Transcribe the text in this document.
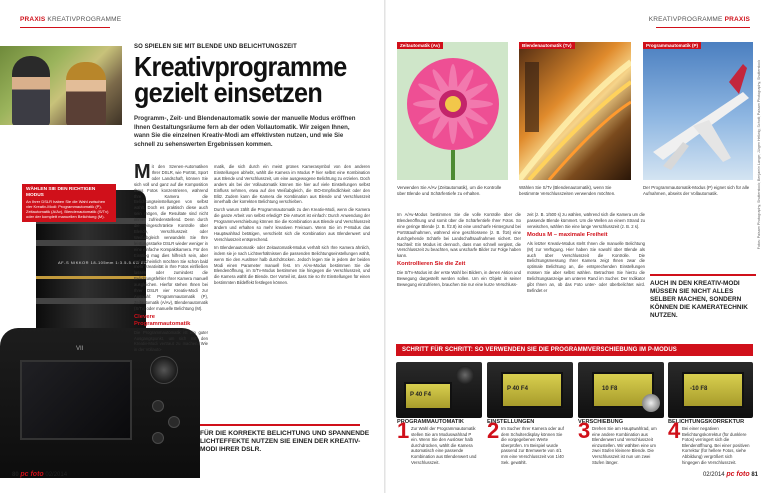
PRAXIS KREATIVPROGRAMME	KREATIVPROGRAMME PRAXIS
AF-S NIKKOR 18-105mm 1:3.5-5.6G ED
VII
WÄHLEN SIE DEN RICHTIGEN MODUS
An Ihrer DSLR haben Sie die Wahl zwischen vier Kreativ-Modi: Programmautomatik (P), Zeitautomatik (A/Av), Blendenautomatik (S/Tv) oder der komplett manuellen Belichtung (M).
SO SPIELEN SIE MIT BLENDE UND BELICHTUNGSZEIT
Kreativprogramme
gezielt einsetzen
Programm-, Zeit- und Blendenautomatik sowie der manuelle Modus eröffnen Ihnen Gestaltungsräume fern ab der oden Vollautomatik. Wir zeigen Ihnen, wann Sie die einzelnen Kreativ-Modi am effektivsten nutzen, und wie Sie schnell zu sehenswerten Ergebnissen kommen.

Mit den Szenen-Automatiken Ihrer DSLR, wie Porträt, Sport oder Landschaft, können Sie sich voll und ganz auf die Komposition Ihres Fotos konzentrieren, während Ihre Kamera die Belichtungseinstellungen von selbst wählt. Doch es praktisch diese auch sein mögen, die Resultate sind nicht immer zufriedenstellend. Denn durch die eingeschränkte Kontrolle über Blende, Verschlusszeit oder Weißabgleich verwandeln Sie Ihre leistungsstarke DSLR wieder weniger in eine einfache Kompaktkamera. Für den Einstieg mag dies hilfreich sein, aber wahrscheinlich möchten Sie schon bald mehr Kreativität in Ihre Fotos einfließen lassen oder zumindest die Belichtungsfehler Ihrer Kamera manuell ausgleichen. Hierfür stehen Ihnen bei Ihrer DSLR vier Kreativ-Modi zur Auswahl: Programmautomatik (P), Zeitautomatik (A/Av), Blendenautomatik (S/Tv) oder manuelle Belichtung (M).

Clevere Programmautomatik

Die Programmautomatik ist ein guter Ausgangspunkt, um sich mit den Kreativ-Modi vertraut zu machen. Wie in der Vollauto-

matik, die sich durch ein meist grünes Kamerasymbol von den anderen Einstellungen abhebt, wählt die Kamera im Modus P hier selbst eine Kombination aus Blende und Verschlusszeit, um eine ausgewogene Belichtung zu erzielen. Doch anders als bei der Vollautomatik können Sie hier auf viele Einstellungen selbst Einfluss nehmen, etwa auf den Weißabgleich, die ISO-Empfindlichkeit oder den Blitz. Zudem kann die Kamera die Kombination aus Blende und Verschlusszeit innerhalb der korrekten Belichtung verschieben.

Durch warum zählt die Programmautomatik zu den Kreativ-Modi, wenn die Kamera die ganze Arbeit von selbst erledigt? Die Antwort ist einfach: Durch Anwendung der Programmverschiebung können Sie die Kombination aus Blende und Verschlusszeit ändern und erhalten so mehr kreativen Freiraum. Wenn Sie im P-Modus das Hauptwahlrad betätigen, verschiebt sich die Kombination aus Blendenwert und Verschlusszeit entsprechend.

Im Blendenautomatik- oder Zeitautomatik-Modus verhält sich Ihre Kamera ähnlich, indem sie je nach Lichtverhältnissen die passenden Belichtungseinstellungen wählt, wenn Sie den Auslöser halb durchdrücken. Jedoch legen Sie in jedem der beiden Modi einen Parameter manuell fest. Im A/Av-Modus bestimmen Sie die Blendenöffnung, im S/Tv-Modus bestimmen Sie hingegen die Verschlusszeit, und die Kamera wählt die Blende. Der Vorteil ist, dass Sie so Ihr Einstellungen für einen bestimmten Bildeffekt festlegen können.

FÜR DIE KORREKTE BELICHTUNG UND SPANNENDE LICHTEFFEKTE NUTZEN SIE EINEN DER KREATIV-MODI IHRER DSLR.
80 pc foto 02/2014
Zeitautomatik (Av)	Blendenautomatik (Tv)	Programmautomatik (P)
Fotos: Paisarn Photography, Shutterstock; Benjamin Lange; Jürgen Hellwig; Schott; Paisarn Photography, Shutterstock
Verwenden Sie A/Av (Zeitautomatik), um die Kontrolle über Blende und Schärfentiefe zu erhalten.
Wählen Sie S/Tv (Blendenautomatik), wenn Sie bestimmte Verschlusszeiten verwenden möchten.
Der Programmautomatik-Modus (P) eignet sich für alle Aufnahmen, abseits der Vollautomatik.

Im A/Av-Modus bestimmen Sie die volle Kontrolle über die Blendenöffnung und somit über die Schärfentiefe Ihrer Fotos. So eine geringe Blende (z. B. f/2.8) ist eine unscharfe Hintergrund bei Porträtaufnahmen, während eine geschlossene (z. B. f/16) eine durchgehende Schärfe bei Landschaftsaufnahmen sichert. Der Nachteil: Ein Modus ist dennoch, dass man schnell vergisst, die Verschlusszeit zu beachten, was unscharfe Bilder zur Folge haben kann.

Kontrollieren Sie die Zeit

Die S/Tv-Modus ist der erste Wahl bei Bildern, in denen Aktion und Bewegung dargestellt werden sollen. Um ein Objekt in seiner Bewegung einzufrieren, brauchen Sie nur eine kurze Verschluss-

zeit (z. B. 1/500 s) zu wählen, während sich die Kamera um die passende Blende kümmert. Um die Wellen an einem Strand zu verwischen, wählen Sie eine lange Verschlusszeit (z. B. 2 s).

Modus M – maximale Freiheit

Als letzter Kreativ-Modus steht Ihnen die manuelle Belichtung (M) zur Verfügung. Hier haben Sie sowohl über Blende als auch über Verschlusszeit die Kontrolle. Die Belichtungsmessung Ihrer Kamera zeigt Ihnen zwar die optimale Belichtung an, die entsprechenden Einstellungen müssen Sie aber selbst wählen. Betrachten Sie hierzu die Belichtungsanzeige am unteren Rand im Sucher. Der Indikator gibt Ihnen an, ob das Foto unter- oder überbelichtet wird. Befindet er

AUCH IN DEN KREATIV-MODI MÜSSEN SIE NICHT ALLES SELBER MACHEN, SONDERN KÖNNEN DIE KAMERATECHNIK NUTZEN.
SCHRITT FÜR SCHRITT: SO VERWENDEN SIE DIE PROGRAMMVERSCHIEBUNG IM P-MODUS
P 40 F4
P 40 F4	10 F8	-10 F8
1
PROGRAMMAUTOMATIK
Zur Wahl der Programmautomatik stellen Sie am Moduswahlrad P ein. Wenn Sie den Auslöser halb durchdrücken, wählt die Kamera automatisch eine passende Kombination aus Blendenwert und Verschlusszeit.
2
EINSTELLUNGEN
Im Sucher Ihrer Kamera oder auf dem Schulterdisplay können Sie die vorgegebenen Werte überprüfen. Im Beispiel wurde passend zur Bremwerte von 4/1 mm eine Verschlusszeit von 1/40 Sek. gewählt.
3
VERSCHIEBUNG
Drehen Sie am Hauptwahlrad, um eine andere Kombination aus Blendenwert und Verschlusszeit einzustellen. Wir wählten eine um zwei Stufen kleinere Blende. Die Verschlusszeit ist nun um zwei Stufen länger.
4
BELICHTUNGSKORREKTUR
Bei einer negativen Belichtungskorrektur (für dunklere Fotos) verringert sich die Blendenöffnung. Bei einer positiven Korrektur (für hellere Fotos, siehe Abbildung) vergrößert sich hingegen die Verschlusszeit.
02/2014 pc foto 81
